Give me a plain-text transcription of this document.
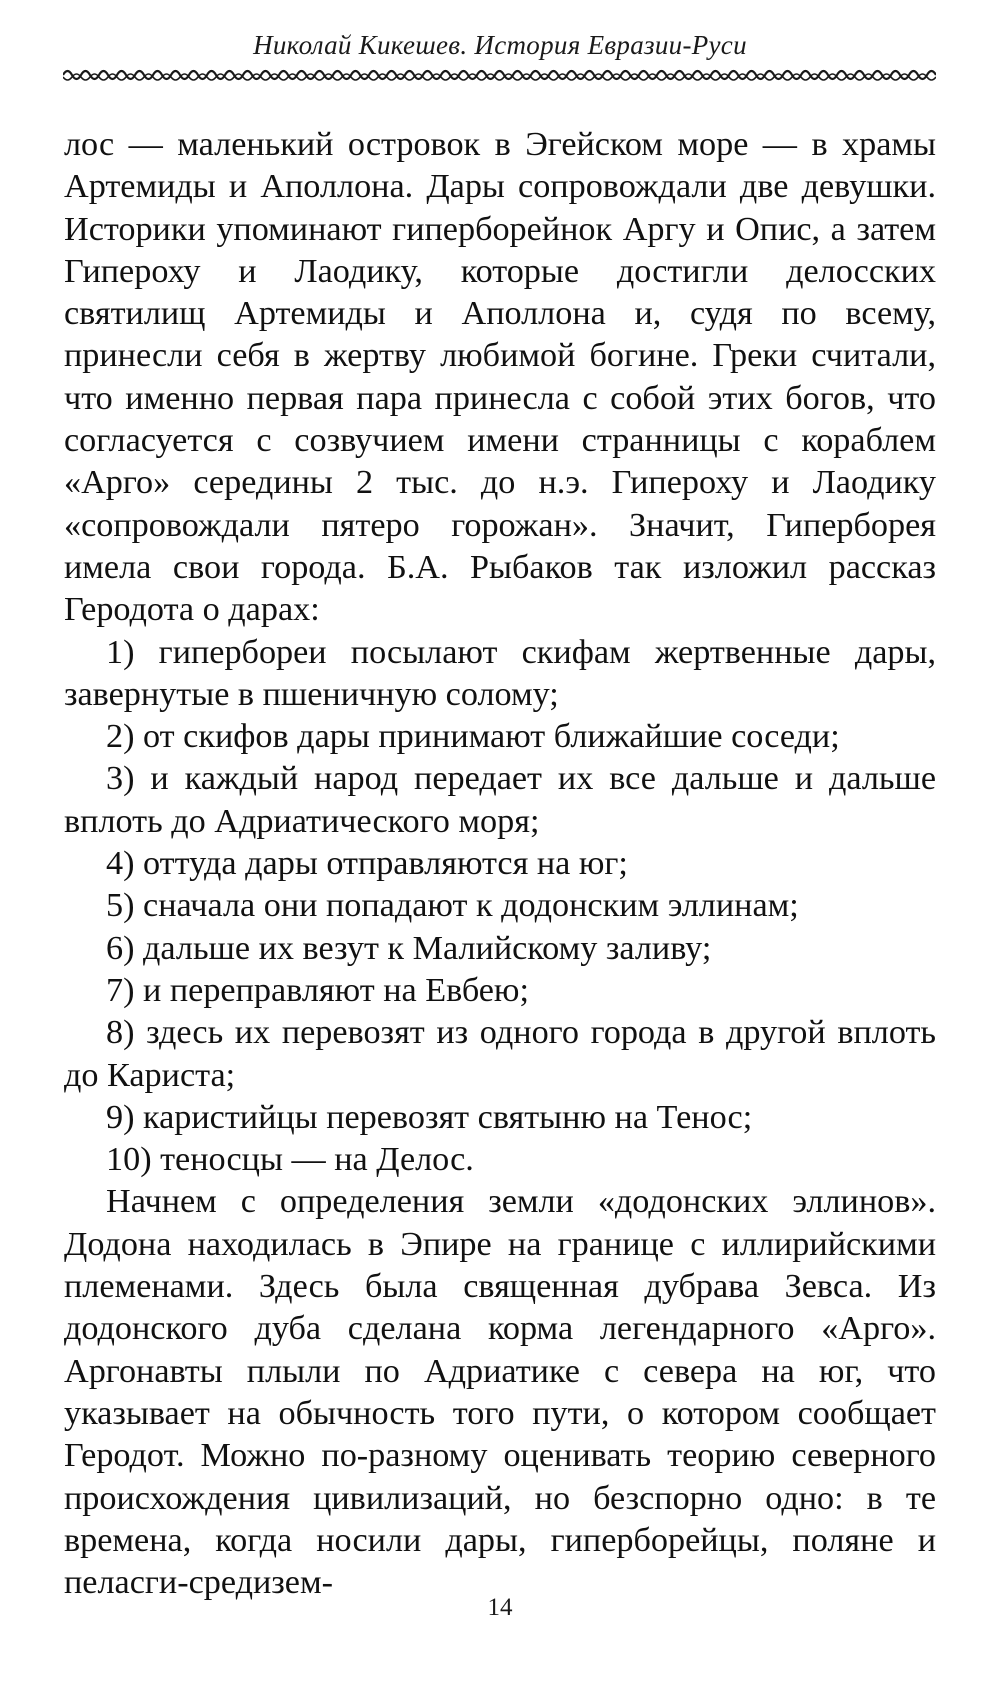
Николай Кикешев. История Евразии-Руси

лос — маленький островок в Эгейском море — в храмы Артемиды и Аполлона. Дары сопровождали две девушки. Историки упоминают гиперборейнок Аргу и Опис, а затем Гипероху и Лаодику, которые достигли делосских святилищ Артемиды и Аполлона и, судя по всему, принесли себя в жертву любимой богине. Греки считали, что именно первая пара принесла с собой этих богов, что согласуется с созвучием имени странницы с кораблем «Арго» середины 2 тыс. до н.э. Гипероху и Лаодику «сопровождали пятеро горожан». Значит, Гиперборея имела свои города. Б.А. Рыбаков так изложил рассказ Геродота о дарах:

1) гипербореи посылают скифам жертвенные дары, завернутые в пшеничную солому;

2) от скифов дары принимают ближайшие соседи;

3) и каждый народ передает их все дальше и дальше вплоть до Адриатического моря;

4) оттуда дары отправляются на юг;

5) сначала они попадают к додонским эллинам;

6) дальше их везут к Малийскому заливу;

7) и переправляют на Евбею;

8) здесь их перевозят из одного города в другой вплоть до Кариста;

9) каристийцы перевозят святыню на Тенос;

10) теносцы — на Делос.

Начнем с определения земли «додонских эллинов». Додона находилась в Эпире на границе с иллирийскими племенами. Здесь была священная дубрава Зевса. Из додонского дуба сделана корма легендарного «Арго». Аргонавты плыли по Адриатике с севера на юг, что указывает на обычность того пути, о котором сообщает Геродот. Можно по-разному оценивать теорию северного происхождения цивилизаций, но безспорно одно: в те времена, когда носили дары, гиперборейцы, поляне и пеласги-средизем-

14
